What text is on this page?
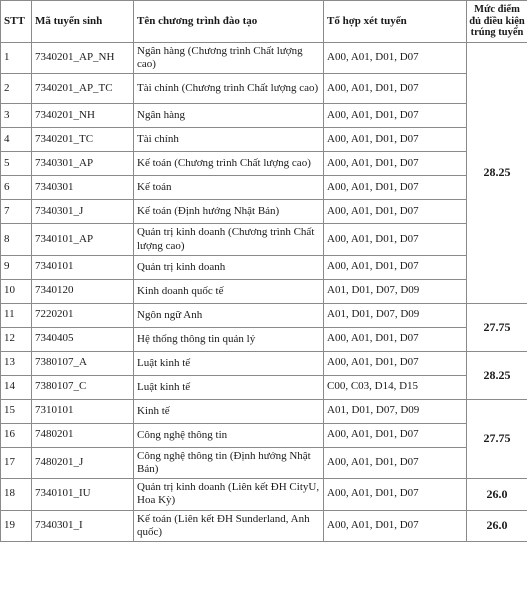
STT	Mã tuyển sinh	Tên chương trình đào tạo	Tổ hợp xét tuyển	Mức điểm đủ điều kiện trúng tuyển
1	7340201_AP_NH	Ngân hàng (Chương trình Chất lượng cao)	A00, A01, D01, D07	28.25
2	7340201_AP_TC	Tài chính (Chương trình Chất lượng cao)	A00, A01, D01, D07	
3	7340201_NH	Ngân hàng	A00, A01, D01, D07	
4	7340201_TC	Tài chính	A00, A01, D01, D07	
5	7340301_AP	Kế toán (Chương trình Chất lượng cao)	A00, A01, D01, D07	
6	7340301	Kế toán	A00, A01, D01, D07	
7	7340301_J	Kế toán (Định hướng Nhật Bản)	A00, A01, D01, D07	
8	7340101_AP	Quản trị kinh doanh (Chương trình Chất lượng cao)	A00, A01, D01, D07	
9	7340101	Quản trị kinh doanh	A00, A01, D01, D07	
10	7340120	Kinh doanh quốc tế	A01, D01, D07, D09	
11	7220201	Ngôn ngữ Anh	A01, D01, D07, D09	27.75
12	7340405	Hệ thống thông tin quản lý	A00, A01, D01, D07	
13	7380107_A	Luật kinh tế	A00, A01, D01, D07	28.25
14	7380107_C	Luật kinh tế	C00, C03, D14, D15	
15	7310101	Kinh tế	A01, D01, D07, D09	27.75
16	7480201	Công nghệ thông tin	A00, A01, D01, D07	
17	7480201_J	Công nghệ thông tin (Định hướng Nhật Bản)	A00, A01, D01, D07	
18	7340101_IU	Quản trị kinh doanh (Liên kết ĐH CityU, Hoa Kỳ)	A00, A01, D01, D07	26.0
19	7340301_I	Kế toán (Liên kết ĐH Sunderland, Anh quốc)	A00, A01, D01, D07	26.0
